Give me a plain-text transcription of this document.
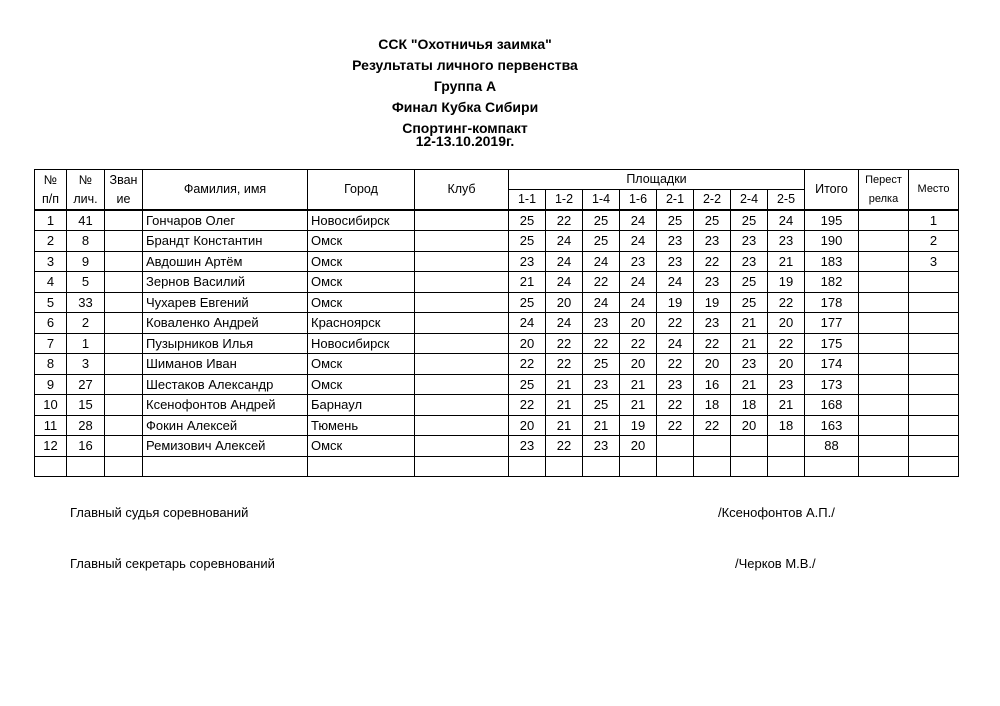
ССК "Охотничья заимка"
Результаты личного первенства
Группа А
Финал Кубка Сибири
Спортинг-компакт
12-13.10.2019г.
№
п/п	№
лич.	Зван
ие	Фамилия, имя	Город	Клуб	Площадки								Итого	Перест
релка	Место
						1-1	1-2	1-4	1-6	2-1	2-2	2-4	2-5			
1	41		Гончаров Олег	Новосибирск		25	22	25	24	25	25	25	24	195		1
2	8		Брандт Константин	Омск		25	24	25	24	23	23	23	23	190		2
3	9		Авдошин Артём	Омск		23	24	24	23	23	22	23	21	183		3
4	5		Зернов Василий	Омск		21	24	22	24	24	23	25	19	182		
5	33		Чухарев Евгений	Омск		25	20	24	24	19	19	25	22	178		
6	2		Коваленко Андрей	Красноярск		24	24	23	20	22	23	21	20	177		
7	1		Пузырников Илья	Новосибирск		20	22	22	22	24	22	21	22	175		
8	3		Шиманов Иван	Омск		22	22	25	20	22	20	23	20	174		
9	27		Шестаков Александр	Омск		25	21	23	21	23	16	21	23	173		
10	15		Ксенофонтов Андрей	Барнаул		22	21	25	21	22	18	18	21	168		
11	28		Фокин Алексей	Тюмень		20	21	21	19	22	22	20	18	163		
12	16		Ремизович Алексей	Омск		23	22	23	20					88		

Главный судья соревнований	/Ксенофонтов А.П./
Главный секретарь соревнований	/Черков М.В./
